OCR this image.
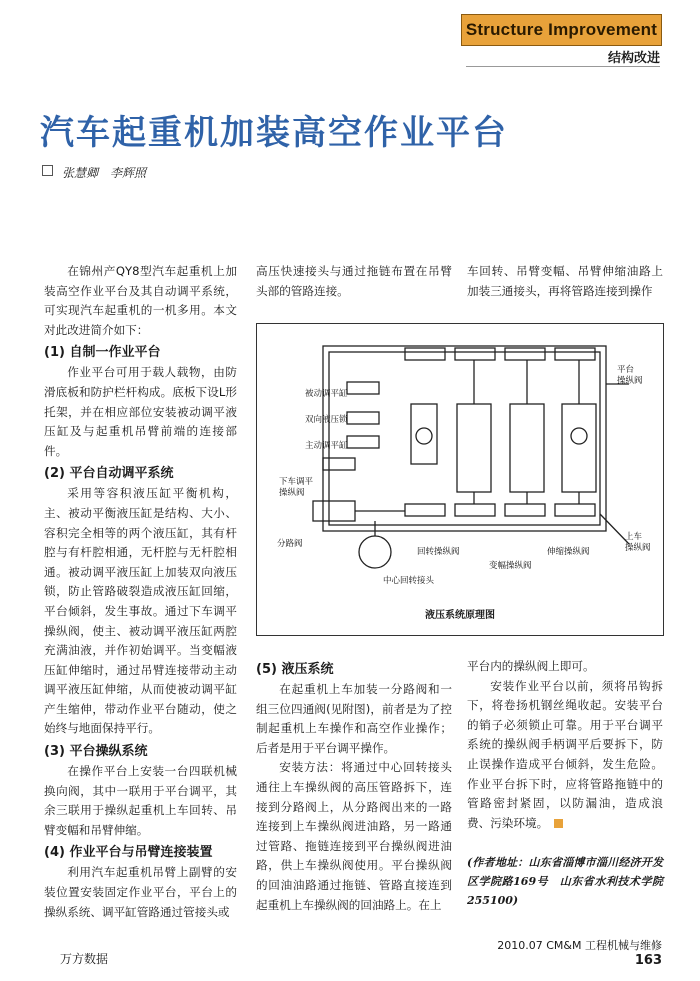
Structure Improvement
结构改进
汽车起重机加装高空作业平台
张慧卿　李辉照

在锦州产QY8型汽车起重机上加装高空作业平台及其自动调平系统，可实现汽车起重机的一机多用。本文对此改进简介如下：

(1) 自制一作业平台

作业平台可用于载人载物，由防滑底板和防护栏杆构成。底板下设L形托架，并在相应部位安装被动调平液压缸及与起重机吊臂前端的连接部件。

(2) 平台自动调平系统

采用等容积液压缸平衡机构，主、被动平衡液压缸是结构、大小、容积完全相等的两个液压缸，其有杆腔与有杆腔相通，无杆腔与无杆腔相通。被动调平液压缸上加装双向液压锁，防止管路破裂造成液压缸回缩，平台倾斜，发生事故。通过下车调平操纵阀，使主、被动调平液压缸两腔充满油液，并作初始调平。当变幅液压缸伸缩时，通过吊臂连接带动主动调平液压缸伸缩，从而使被动调平缸产生缩伸，带动作业平台随动，使之始终与地面保持平行。

(3) 平台操纵系统

在操作平台上安装一台四联机械换向阀，其中一联用于平台调平，其余三联用于操纵起重机上车回转、吊臂变幅和吊臂伸缩。

(4) 作业平台与吊臂连接装置

利用汽车起重机吊臂上副臂的安装位置安装固定作业平台，平台上的操纵系统、调平缸管路通过管接头或

高压快速接头与通过拖链布置在吊臂头部的管路连接。

车回转、吊臂变幅、吊臂伸缩油路上加装三通接头，再将管路连接到操作

被动调平缸
双向液压锁
主动调平缸
下车调平 操纵阀
分路阀
中心回转接头
平台 操纵阀
上车 操纵阀
回转操纵阀
变幅操纵阀
伸缩操纵阀
液压系统原理图
(5) 液压系统

在起重机上车加装一分路阀和一组三位四通阀(见附图)，前者是为了控制起重机上车操作和高空作业操作；后者是用于平台调平操作。

安装方法：将通过中心回转接头通往上车操纵阀的高压管路拆下，连接到分路阀上，从分路阀出来的一路连接到上车操纵阀进油路，另一路通过管路、拖链连接到平台操纵阀进油路，供上车操纵阀使用。平台操纵阀的回油油路通过拖链、管路直接连到起重机上车操纵阀的回油路上。在上

平台内的操纵阀上即可。

安装作业平台以前，须将吊钩拆下，将卷扬机钢丝绳收起。安装平台的销子必须锁止可靠。用于平台调平系统的操纵阀手柄调平后要拆下，防止误操作造成平台倾斜，发生危险。作业平台拆下时，应将管路拖链中的管路密封紧固，以防漏油，造成浪费、污染环境。

(作者地址：山东省淄博市淄川经济开发区学院路169号　山东省水利技术学院　255100)

2010.07 CM&M 工程机械与维修163
万方数据
